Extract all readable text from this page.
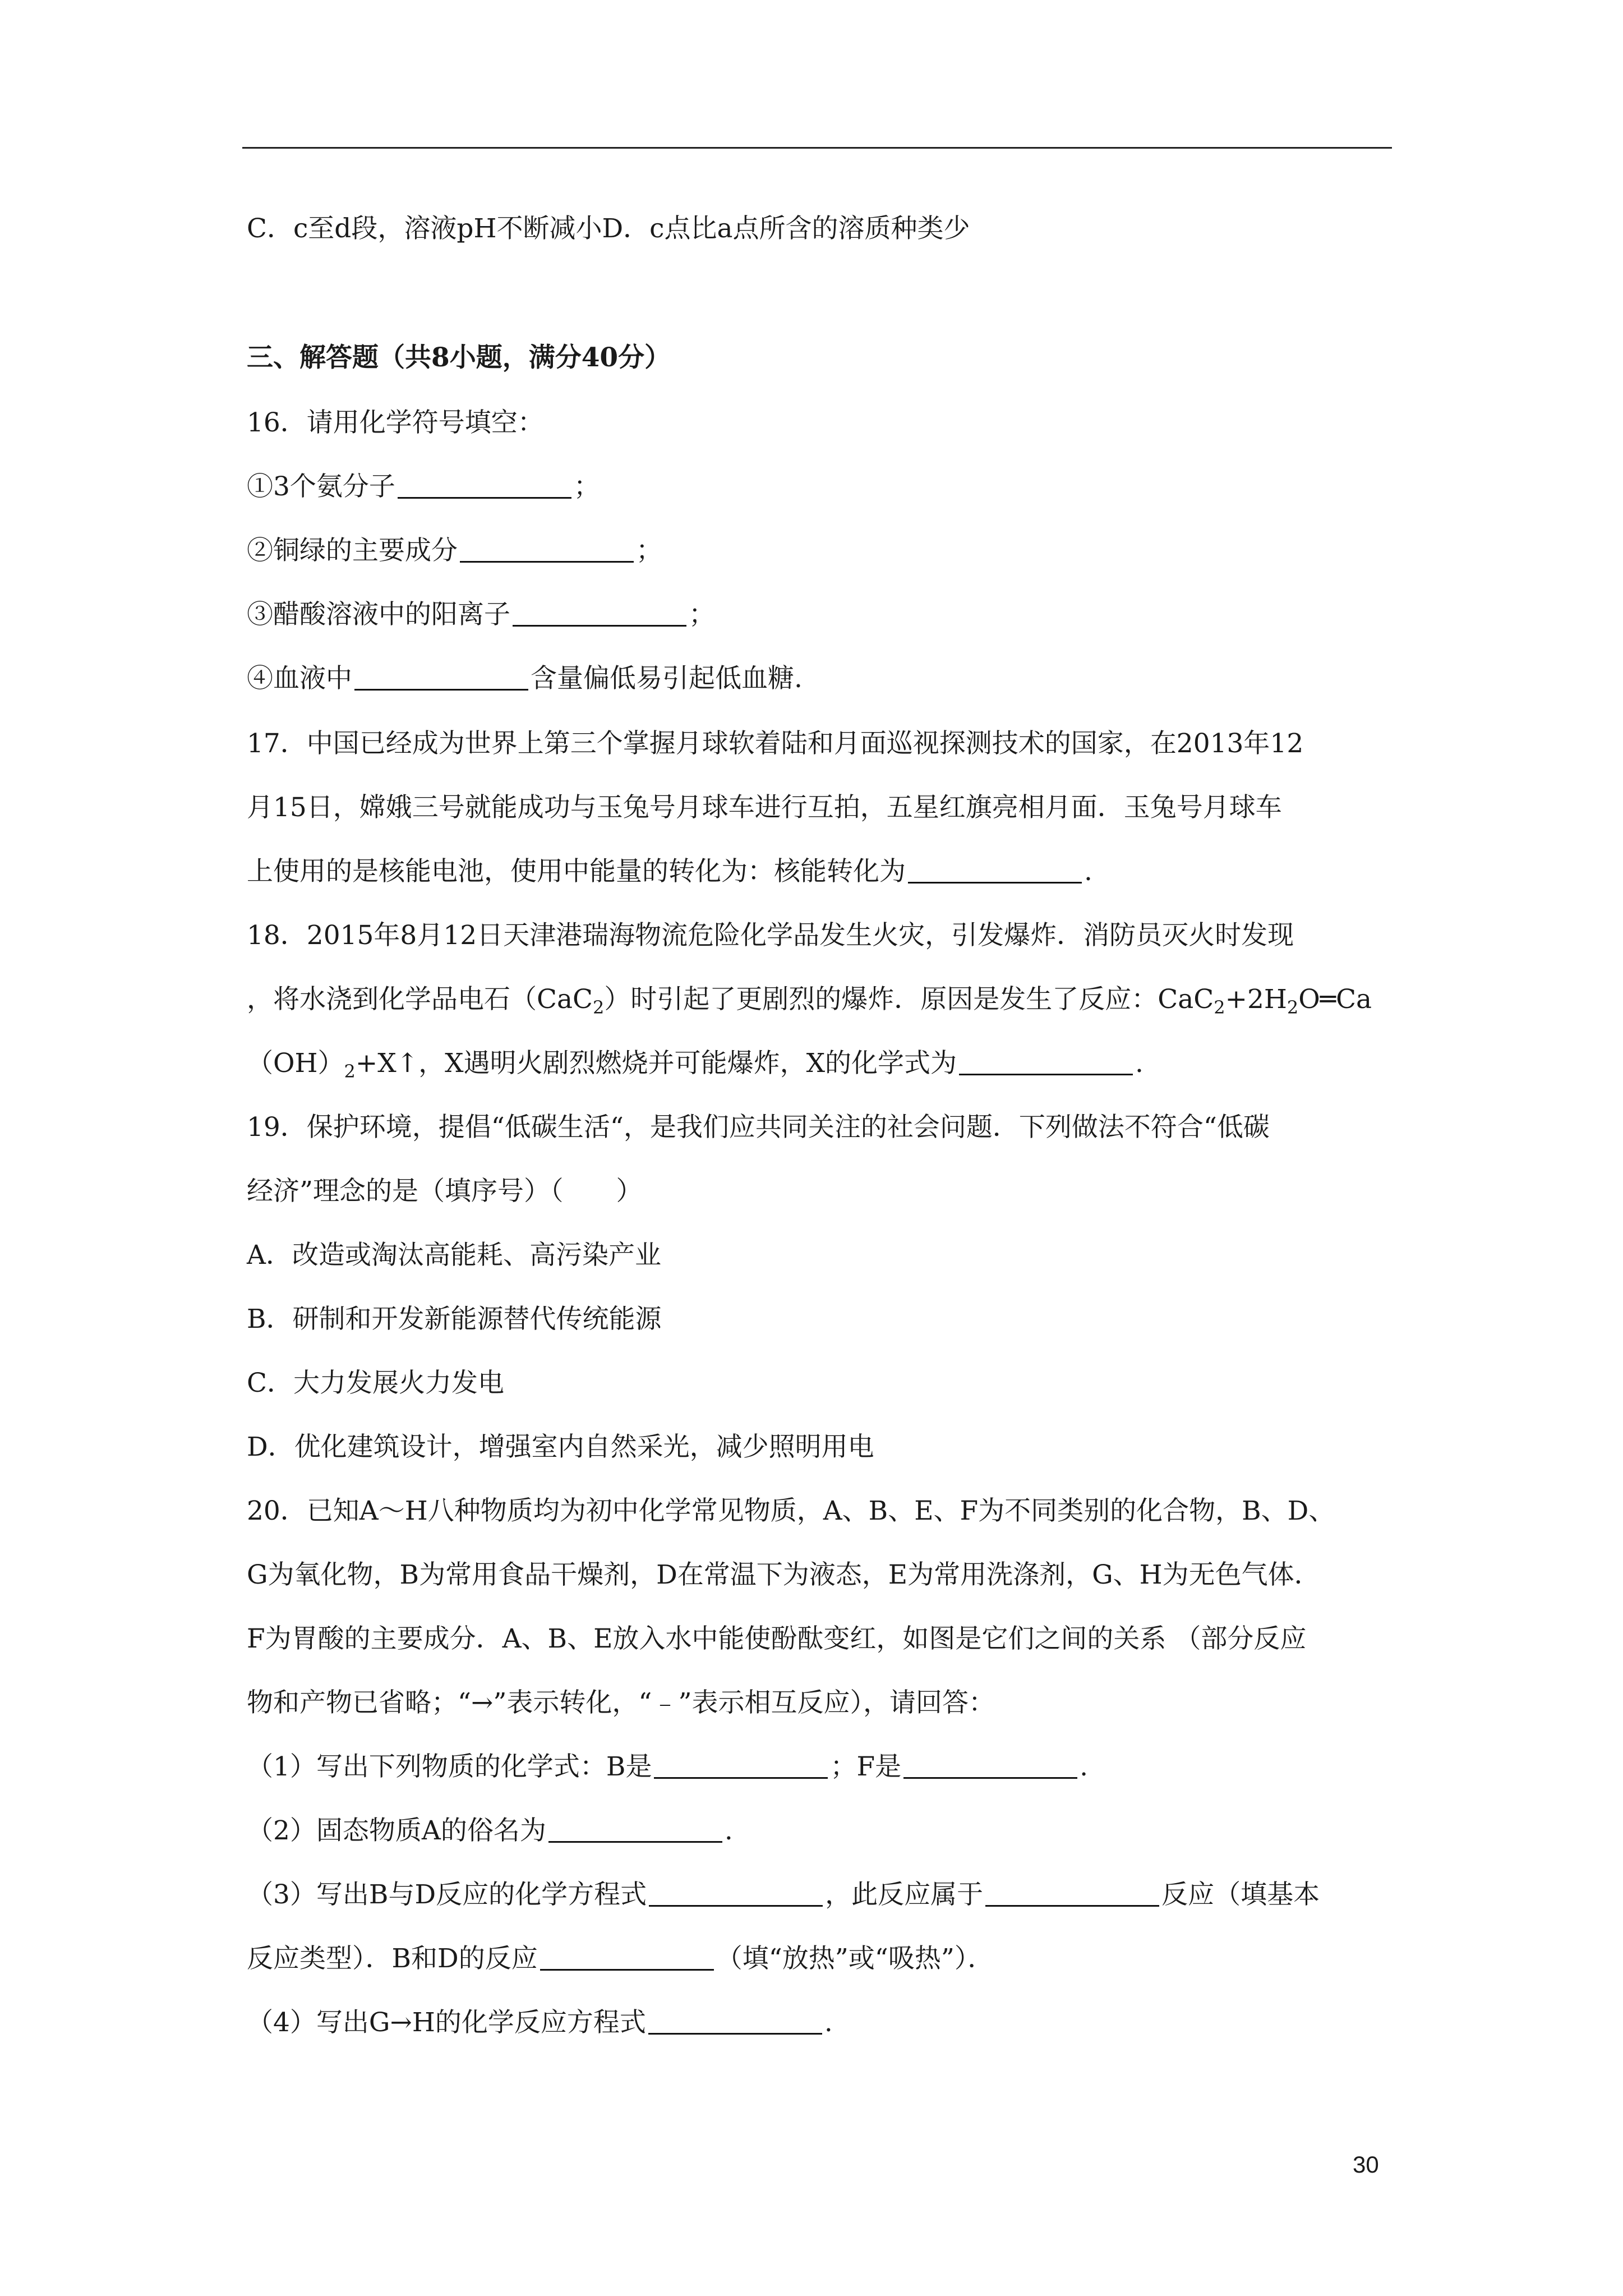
C．c至d段，溶液pH不断减小D．c点比a点所含的溶质种类少
三、解答题（共8小题，满分40分）
16．请用化学符号填空：
①3个氨分子	；
②铜绿的主要成分	；
③醋酸溶液中的阳离子	；
④血液中	含量偏低易引起低血糖.
17．中国已经成为世界上第三个掌握月球软着陆和月面巡视探测技术的国家，在2013年12
月15日，嫦娥三号就能成功与玉兔号月球车进行互拍，五星红旗亮相月面．玉兔号月球车
上使用的是核能电池，使用中能量的转化为：核能转化为	.
18．2015年8月12日天津港瑞海物流危险化学品发生火灾，引发爆炸．消防员灭火时发现
，将水浇到化学品电石（CaC$_2$）时引起了更剧烈的爆炸．原因是发生了反应：$CaC_2+2H_2O═Ca$
$(OH)_2+X↑$，X遇明火剧烈燃烧并可能爆炸，X的化学式为	.
19．保护环境，提倡“低碳生活“，是我们应共同关注的社会问题．下列做法不符合“低碳
经济”理念的是（填序号）（　　）
A．改造或淘汰高能耗、高污染产业
B．研制和开发新能源替代传统能源
C．大力发展火力发电
D．优化建筑设计，增强室内自然采光，减少照明用电
20．已知A～H八种物质均为初中化学常见物质，A、B、E、F为不同类别的化合物，B、D、
G为氧化物，B为常用食品干燥剂，D在常温下为液态，E为常用洗涤剂，G、H为无色气体．
F为胃酸的主要成分．A、B、E放入水中能使酚酞变红，如图是它们之间的关系 （部分反应
物和产物已省略；“→”表示转化，“﹣”表示相互反应），请回答：
（1）写出下列物质的化学式：B是	；F是	.
（2）固态物质A的俗名为	.
（3）写出B与D反应的化学方程式	，此反应属于	反应（填基本
反应类型）．B和D的反应	（填“放热”或“吸热”）．
（4）写出G→H的化学反应方程式	.
30
